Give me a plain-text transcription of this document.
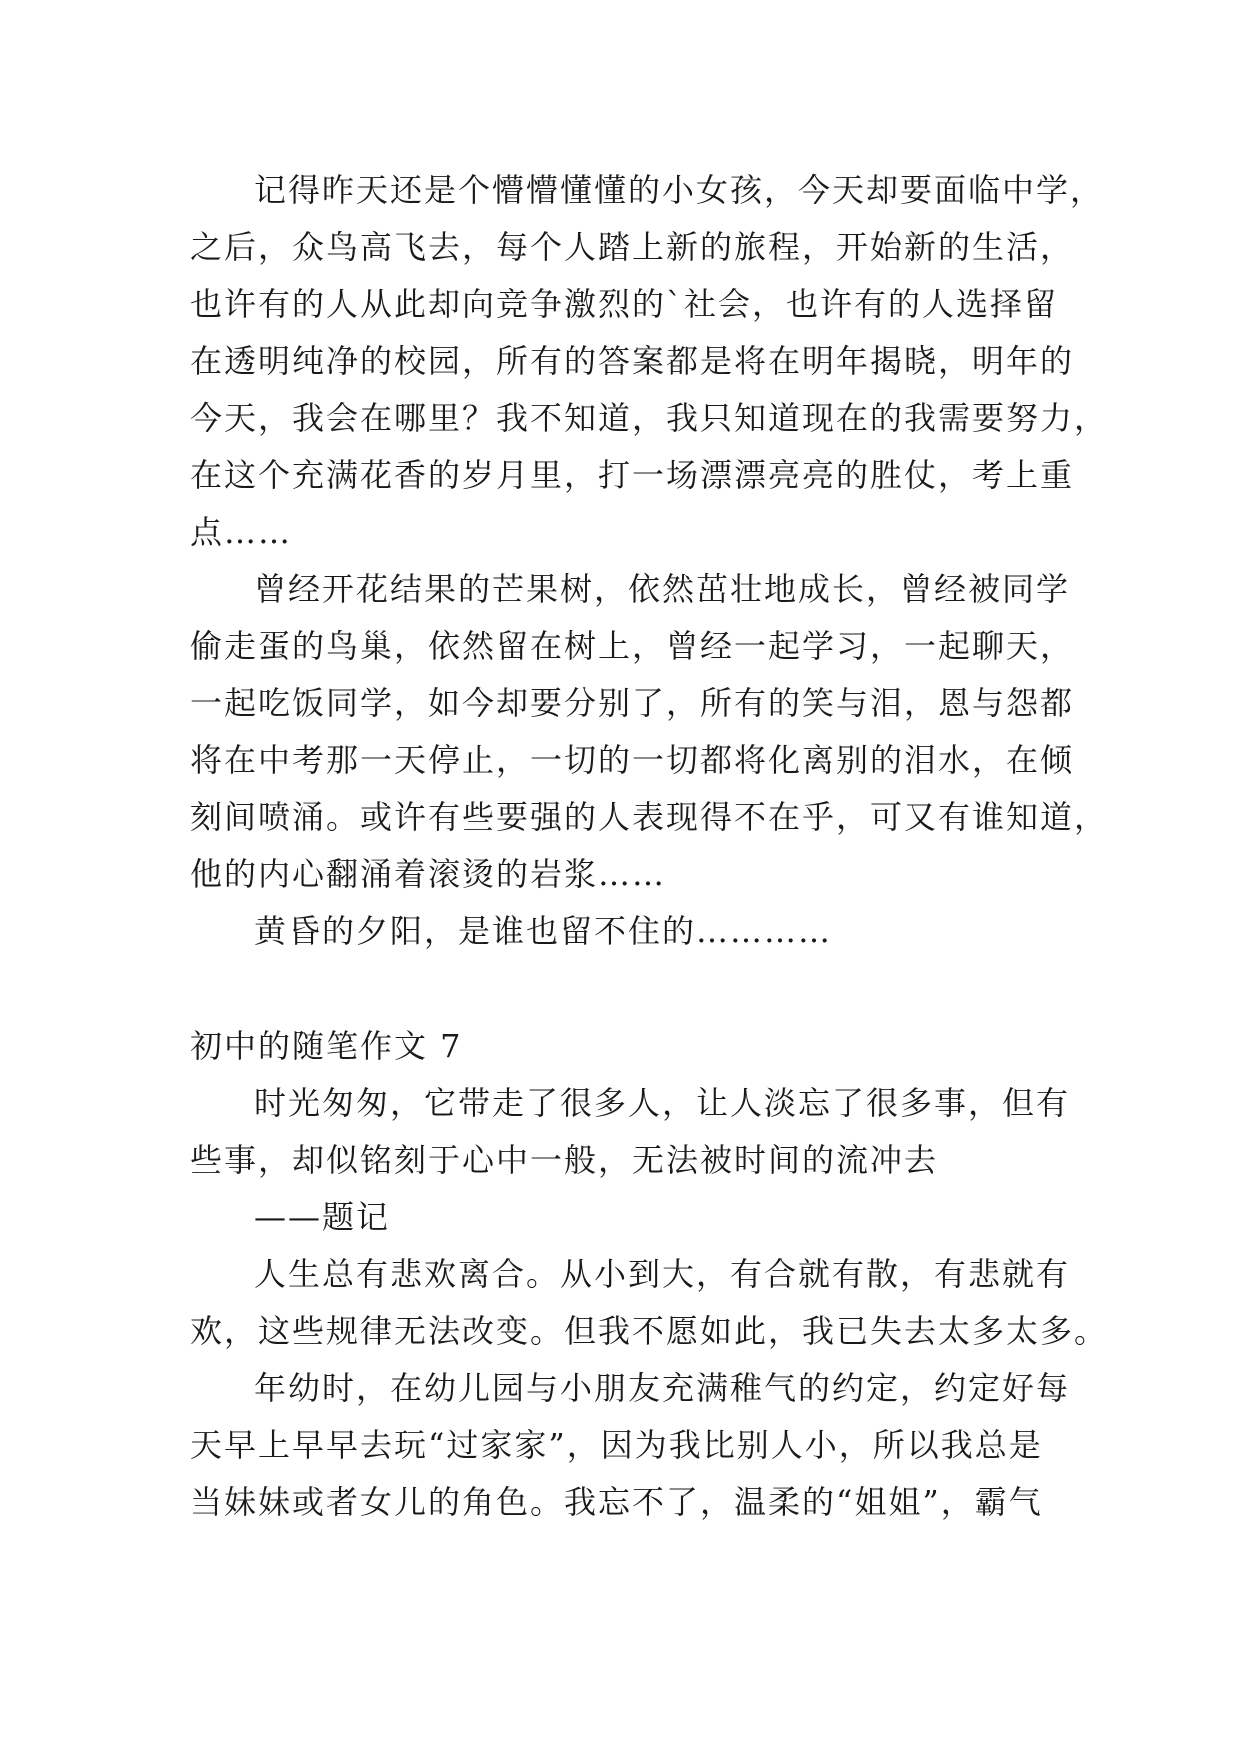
记得昨天还是个懵懵懂懂的小女孩，今天却要面临中学，
之后，众鸟高飞去，每个人踏上新的旅程，开始新的生活，
也许有的人从此却向竞争激烈的`社会，也许有的人选择留
在透明纯净的校园，所有的答案都是将在明年揭晓，明年的
今天，我会在哪里？我不知道，我只知道现在的我需要努力，
在这个充满花香的岁月里，打一场漂漂亮亮的胜仗，考上重
点……
曾经开花结果的芒果树，依然茁壮地成长，曾经被同学
偷走蛋的鸟巢，依然留在树上，曾经一起学习，一起聊天，
一起吃饭同学，如今却要分别了，所有的笑与泪，恩与怨都
将在中考那一天停止，一切的一切都将化离别的泪水，在倾
刻间喷涌。或许有些要强的人表现得不在乎，可又有谁知道，
他的内心翻涌着滚烫的岩浆……
黄昏的夕阳，是谁也留不住的…………
初中的随笔作文 7
时光匆匆，它带走了很多人，让人淡忘了很多事，但有
些事，却似铭刻于心中一般，无法被时间的流冲去
——题记
人生总有悲欢离合。从小到大，有合就有散，有悲就有
欢，这些规律无法改变。但我不愿如此，我已失去太多太多。
年幼时，在幼儿园与小朋友充满稚气的约定，约定好每
天早上早早去玩“过家家”，因为我比别人小，所以我总是
当妹妹或者女儿的角色。我忘不了，温柔的“姐姐”，霸气
